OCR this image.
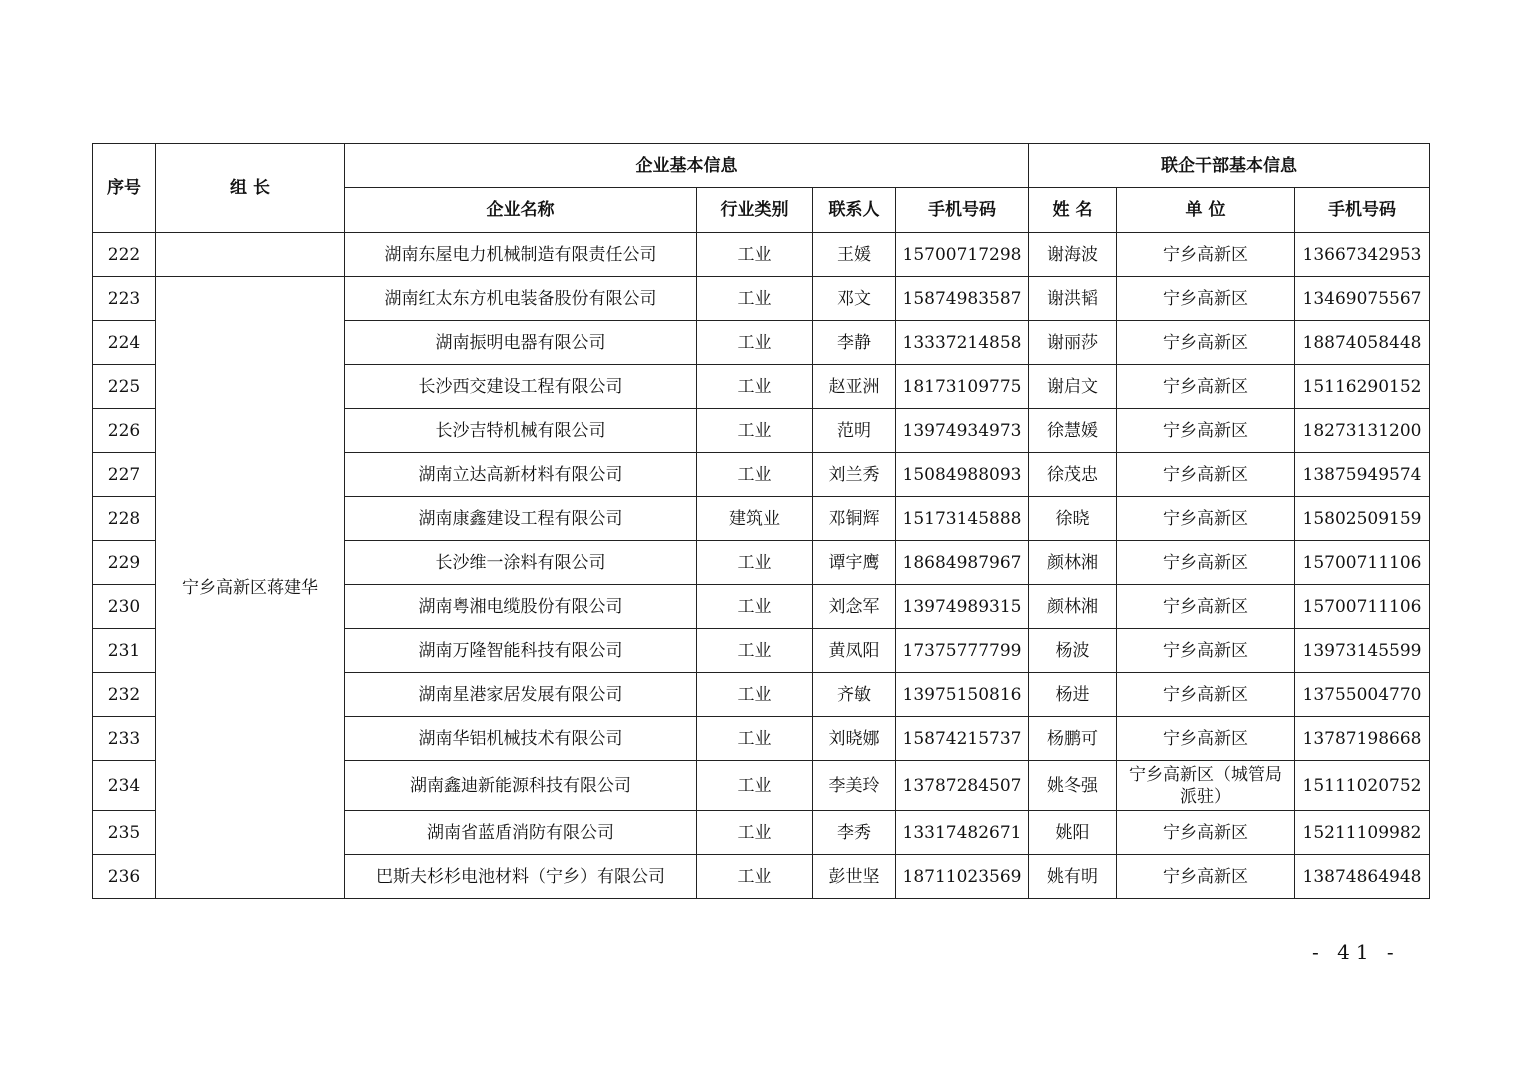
序号	组 长	企业基本信息				联企干部基本信息		
		企业名称	行业类别	联系人	手机号码	姓 名	单 位	手机号码
222		湖南东屋电力机械制造有限责任公司	工业	王媛	15700717298	谢海波	宁乡高新区	13667342953
223	宁乡高新区蒋建华	湖南红太东方机电装备股份有限公司	工业	邓文	15874983587	谢洪韬	宁乡高新区	13469075567
224		湖南振明电器有限公司	工业	李静	13337214858	谢丽莎	宁乡高新区	18874058448
225		长沙西交建设工程有限公司	工业	赵亚洲	18173109775	谢启文	宁乡高新区	15116290152
226		长沙吉特机械有限公司	工业	范明	13974934973	徐慧媛	宁乡高新区	18273131200
227		湖南立达高新材料有限公司	工业	刘兰秀	15084988093	徐茂忠	宁乡高新区	13875949574
228		湖南康鑫建设工程有限公司	建筑业	邓铜辉	15173145888	徐晓	宁乡高新区	15802509159
229		长沙维一涂料有限公司	工业	谭宇鹰	18684987967	颜林湘	宁乡高新区	15700711106
230		湖南粤湘电缆股份有限公司	工业	刘念军	13974989315	颜林湘	宁乡高新区	15700711106
231		湖南万隆智能科技有限公司	工业	黄凤阳	17375777799	杨波	宁乡高新区	13973145599
232		湖南星港家居发展有限公司	工业	齐敏	13975150816	杨进	宁乡高新区	13755004770
233		湖南华铝机械技术有限公司	工业	刘晓娜	15874215737	杨鹏可	宁乡高新区	13787198668
234		湖南鑫迪新能源科技有限公司	工业	李美玲	13787284507	姚冬强	宁乡高新区（城管局派驻）	15111020752
235		湖南省蓝盾消防有限公司	工业	李秀	13317482671	姚阳	宁乡高新区	15211109982
236		巴斯夫杉杉电池材料（宁乡）有限公司	工业	彭世坚	18711023569	姚有明	宁乡高新区	13874864948
- 41 -
